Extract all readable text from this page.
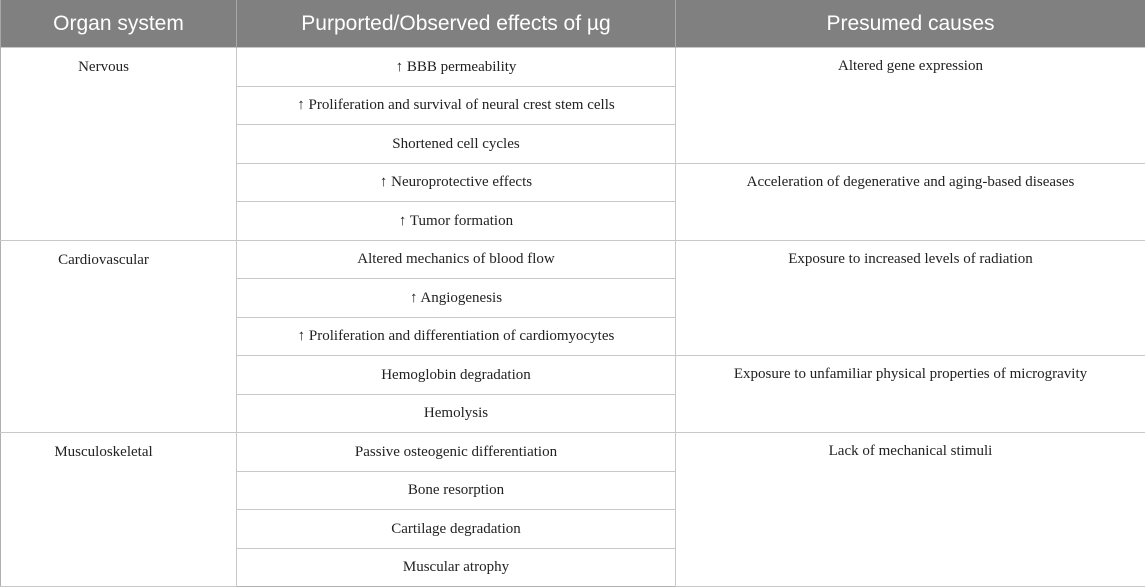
Organ system	Purported/Observed effects of µg	Presumed causes
Nervous	↑ BBB permeability	Altered gene expression
	↑ Proliferation and survival of neural crest stem cells	
	Shortened cell cycles	
	↑ Neuroprotective effects	Acceleration of degenerative and aging-based diseases
	↑ Tumor formation	
Cardiovascular	Altered mechanics of blood flow	Exposure to increased levels of radiation
	↑ Angiogenesis	
	↑ Proliferation and differentiation of cardiomyocytes	
	Hemoglobin degradation	Exposure to unfamiliar physical properties of microgravity
	Hemolysis	
Musculoskeletal	Passive osteogenic differentiation	Lack of mechanical stimuli
	Bone resorption	
	Cartilage degradation	
	Muscular atrophy	
